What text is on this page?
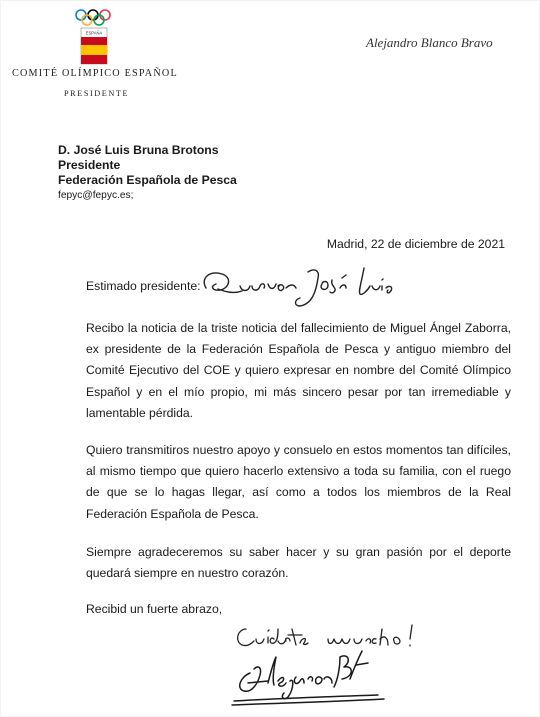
ESPAÑA
COMITÉ OLÍMPICO ESPAÑOL
PRESIDENTE
Alejandro Blanco Bravo
D. José Luis Bruna Brotons
Presidente
Federación Española de Pesca
fepyc@fepyc.es;
Madrid, 22 de diciembre de 2021
Estimado presidente:

Recibo la noticia de la triste noticia del fallecimiento de Miguel Ángel Zaborra, ex presidente de la Federación Española de Pesca y antiguo miembro del Comité Ejecutivo del COE y quiero expresar en nombre del Comité Olímpico Español y en el mío propio, mi más sincero pesar por tan irremediable y lamentable pérdida.

Quiero transmitiros nuestro apoyo y consuelo en estos momentos tan difíciles, al mismo tiempo que quiero hacerlo extensivo a toda su familia, con el ruego de que se lo hagas llegar, así como a todos los miembros de la Real Federación Española de Pesca.

Siempre agradeceremos su saber hacer y su gran pasión por el deporte quedará siempre en nuestro corazón.

Recibid un fuerte abrazo,
